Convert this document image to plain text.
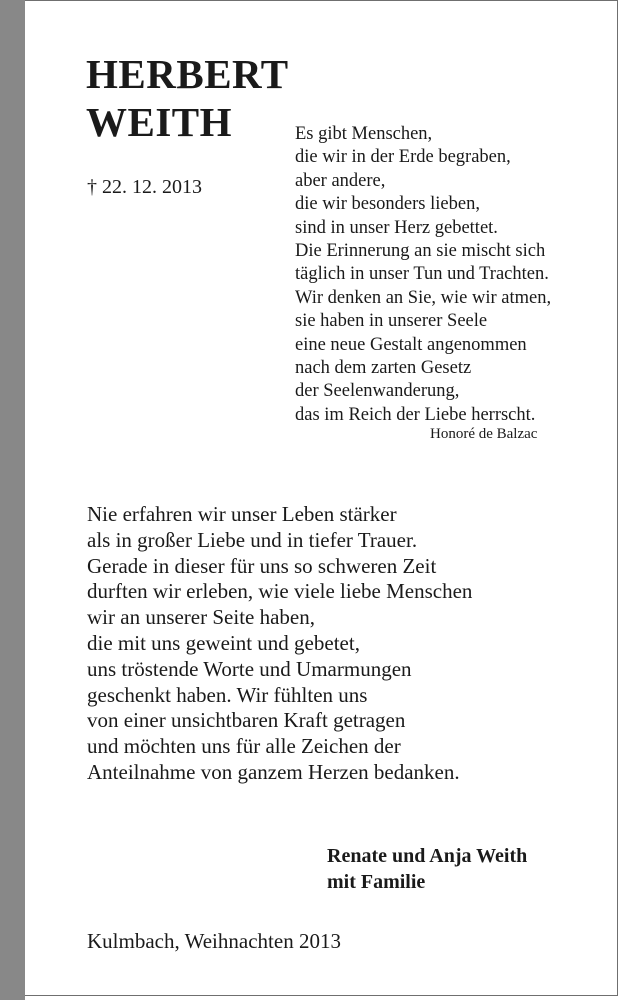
HERBERT
WEITH
† 22. 12. 2013
Es gibt Menschen,
die wir in der Erde begraben,
aber andere,
die wir besonders lieben,
sind in unser Herz gebettet.
Die Erinnerung an sie mischt sich
täglich in unser Tun und Trachten.
Wir denken an Sie, wie wir atmen,
sie haben in unserer Seele
eine neue Gestalt angenommen
nach dem zarten Gesetz
der Seelenwanderung,
das im Reich der Liebe herrscht.
Honoré de Balzac
Nie erfahren wir unser Leben stärker
als in großer Liebe und in tiefer Trauer.
Gerade in dieser für uns so schweren Zeit
durften wir erleben, wie viele liebe Menschen
wir an unserer Seite haben,
die mit uns geweint und gebetet,
uns tröstende Worte und Umarmungen
geschenkt haben. Wir fühlten uns
von einer unsichtbaren Kraft getragen
und möchten uns für alle Zeichen der
Anteilnahme von ganzem Herzen bedanken.
Renate und Anja Weith
mit Familie
Kulmbach, Weihnachten 2013
